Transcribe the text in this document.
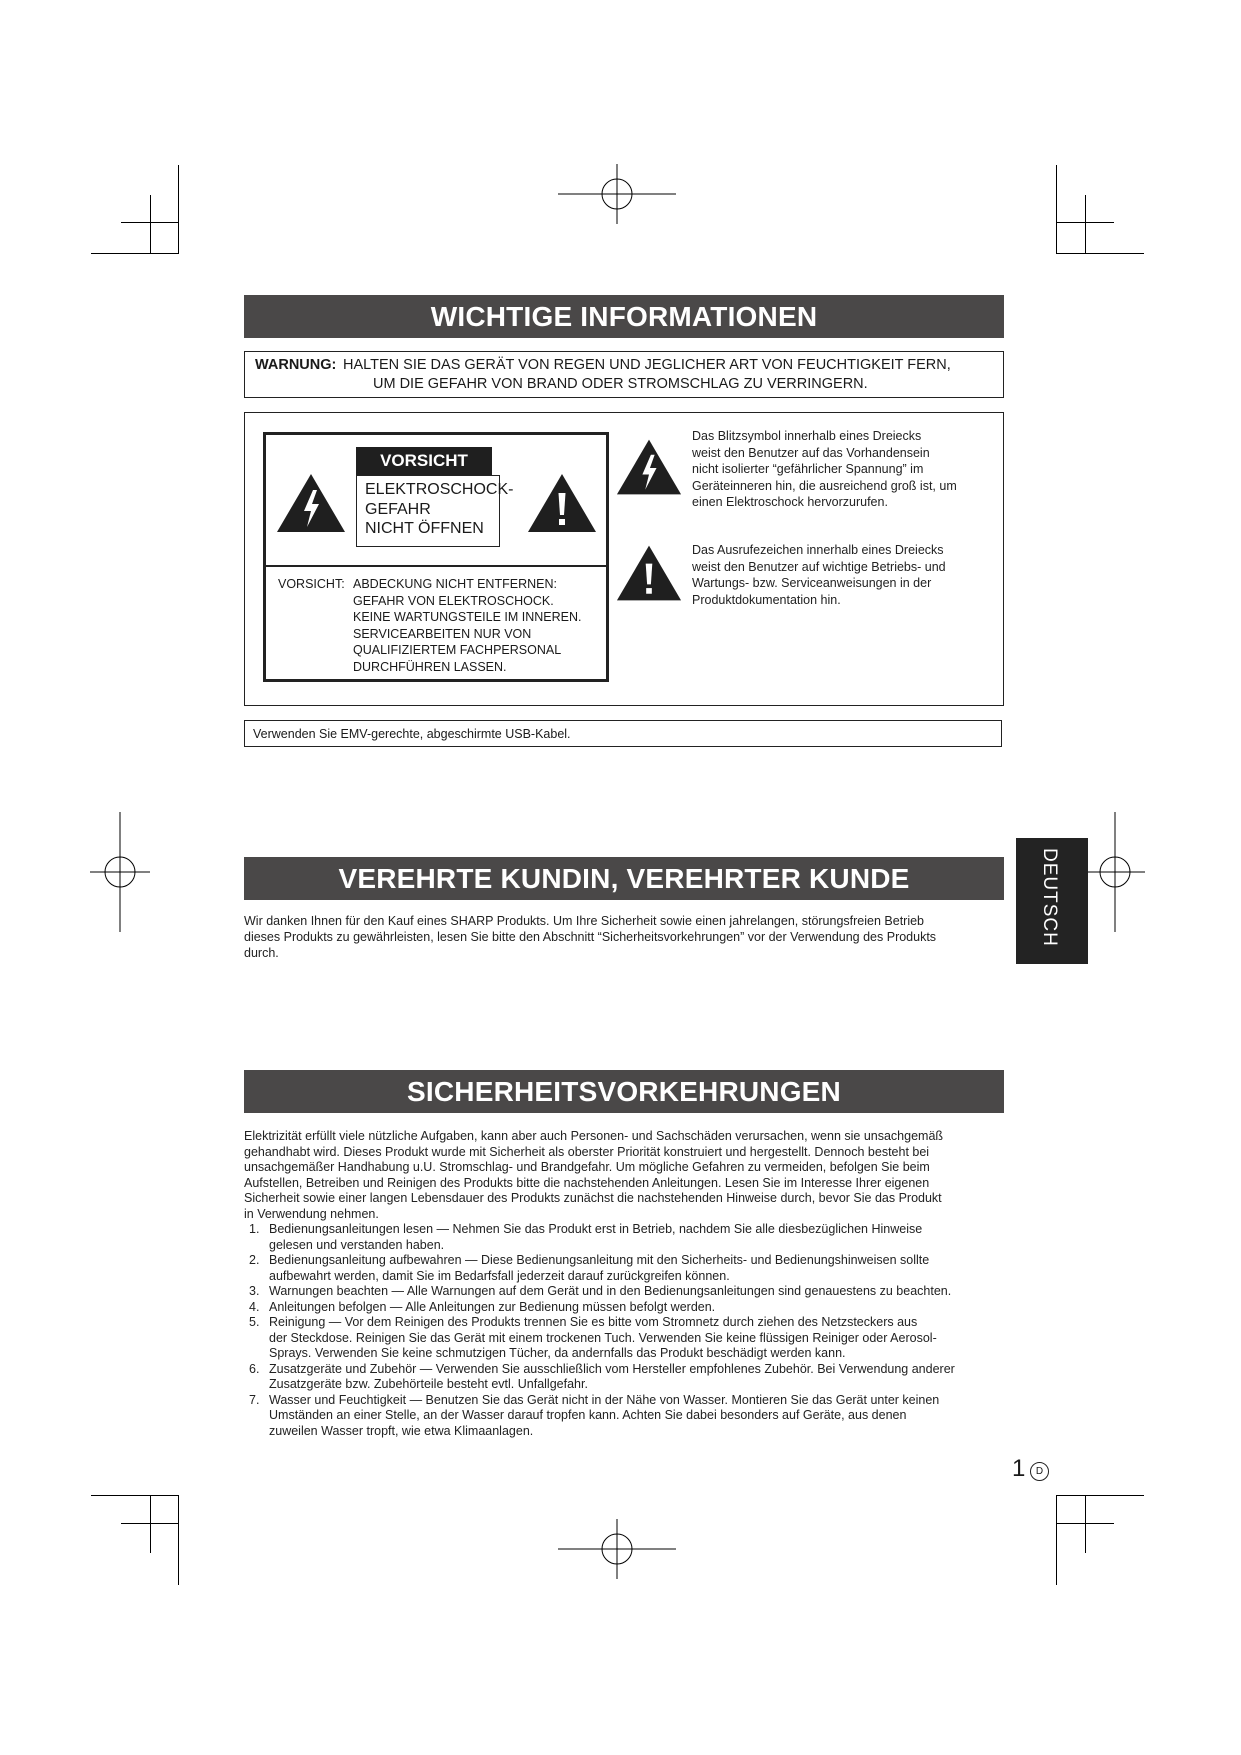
WICHTIGE INFORMATIONEN
WARNUNG: HALTEN SIE DAS GERÄT VON REGEN UND JEGLICHER ART VON FEUCHTIGKEIT FERN,
UM DIE GEFAHR VON BRAND ODER STROMSCHLAG ZU VERRINGERN.
VORSICHT
ELEKTROSCHOCK-
GEFAHR
NICHT ÖFFNEN
VORSICHT: ABDECKUNG NICHT ENTFERNEN:
GEFAHR VON ELEKTROSCHOCK.
KEINE WARTUNGSTEILE IM INNEREN.
SERVICEARBEITEN NUR VON
QUALIFIZIERTEM FACHPERSONAL
DURCHFÜHREN LASSEN.
Das Blitzsymbol innerhalb eines Dreiecks
weist den Benutzer auf das Vorhandensein
nicht isolierter “gefährlicher Spannung” im
Geräteinneren hin, die ausreichend groß ist, um
einen Elektroschock hervorzurufen.
Das Ausrufezeichen innerhalb eines Dreiecks
weist den Benutzer auf wichtige Betriebs- und
Wartungs- bzw. Serviceanweisungen in der
Produktdokumentation hin.
Verwenden Sie EMV-gerechte, abgeschirmte USB-Kabel.
VEREHRTE KUNDIN, VEREHRTER KUNDE
Wir danken Ihnen für den Kauf eines SHARP Produkts. Um Ihre Sicherheit sowie einen jahrelangen, störungsfreien Betrieb
dieses Produkts zu gewährleisten, lesen Sie bitte den Abschnitt “Sicherheitsvorkehrungen” vor der Verwendung des Produkts
durch.
DEUTSCH
SICHERHEITSVORKEHRUNGEN
Elektrizität erfüllt viele nützliche Aufgaben, kann aber auch Personen- und Sachschäden verursachen, wenn sie unsachgemäß
gehandhabt wird. Dieses Produkt wurde mit Sicherheit als oberster Priorität konstruiert und hergestellt. Dennoch besteht bei
unsachgemäßer Handhabung u.U. Stromschlag- und Brandgefahr. Um mögliche Gefahren zu vermeiden, befolgen Sie beim
Aufstellen, Betreiben und Reinigen des Produkts bitte die nachstehenden Anleitungen. Lesen Sie im Interesse Ihrer eigenen
Sicherheit sowie einer langen Lebensdauer des Produkts zunächst die nachstehenden Hinweise durch, bevor Sie das Produkt
in Verwendung nehmen.
1. Bedienungsanleitungen lesen — Nehmen Sie das Produkt erst in Betrieb, nachdem Sie alle diesbezüglichen Hinweise
gelesen und verstanden haben.
2. Bedienungsanleitung aufbewahren — Diese Bedienungsanleitung mit den Sicherheits- und Bedienungshinweisen sollte
aufbewahrt werden, damit Sie im Bedarfsfall jederzeit darauf zurückgreifen können.
3. Warnungen beachten — Alle Warnungen auf dem Gerät und in den Bedienungsanleitungen sind genauestens zu beachten.
4. Anleitungen befolgen — Alle Anleitungen zur Bedienung müssen befolgt werden.
5. Reinigung — Vor dem Reinigen des Produkts trennen Sie es bitte vom Stromnetz durch ziehen des Netzsteckers aus
der Steckdose. Reinigen Sie das Gerät mit einem trockenen Tuch. Verwenden Sie keine flüssigen Reiniger oder Aerosol-
Sprays. Verwenden Sie keine schmutzigen Tücher, da andernfalls das Produkt beschädigt werden kann.
6. Zusatzgeräte und Zubehör — Verwenden Sie ausschließlich vom Hersteller empfohlenes Zubehör. Bei Verwendung anderer
Zusatzgeräte bzw. Zubehörteile besteht evtl. Unfallgefahr.
7. Wasser und Feuchtigkeit — Benutzen Sie das Gerät nicht in der Nähe von Wasser. Montieren Sie das Gerät unter keinen
Umständen an einer Stelle, an der Wasser darauf tropfen kann. Achten Sie dabei besonders auf Geräte, aus denen
zuweilen Wasser tropft, wie etwa Klimaanlagen.
1	D
